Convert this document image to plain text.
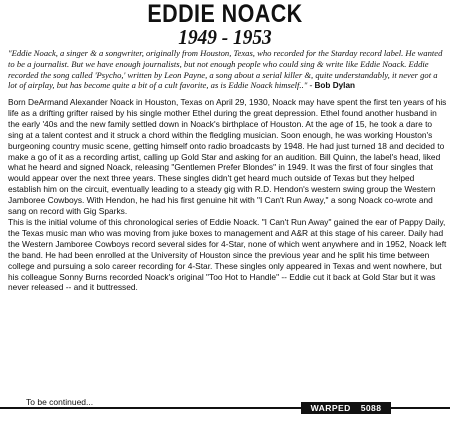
EDDIE NOACK
1949 - 1953

"Eddie Noack, a singer & a songwriter, originally from Houston, Texas, who recorded for the Starday record label. He wanted to be a journalist. But we have enough journalists, but not enough people who could sing & write like Eddie Noack. Eddie recorded the song called 'Psycho,' written by Leon Payne, a song about a serial killer &, quite understandably, it never got a lot of airplay, but has become quite a bit of a cult favorite, as is Eddie Noack himself.." - Bob Dylan

Born DeArmand Alexander Noack in Houston, Texas on April 29, 1930, Noack may have spent the first ten years of his life as a drifting grifter raised by his single mother Ethel during the great depression. Ethel found another husband in the early '40s and the new family settled down in Noack's birthplace of Houston. At the age of 15, he took a dare to sing at a talent contest and it struck a chord within the fledgling musician. Soon enough, he was working Houston's burgeoning country music scene, getting himself onto radio broadcasts by 1948. He had just turned 18 and decided to make a go of it as a recording artist, calling up Gold Star and asking for an audition. Bill Quinn, the label's head, liked what he heard and signed Noack, releasing "Gentlemen Prefer Blondes" in 1949. It was the first of four singles that would appear over the next three years. These singles didn't get heard much outside of Texas but they helped establish him on the circuit, eventually leading to a steady gig with R.D. Hendon's western swing group the Western Jamboree Cowboys. With Hendon, he had his first genuine hit with "I Can't Run Away," a song Noack co-wrote and sang on record with Gig Sparks.

This is the initial volume of this chronological series of Eddie Noack. "I Can't Run Away" gained the ear of Pappy Daily, the Texas music man who was moving from juke boxes to management and A&R at this stage of his career. Daily had the Western Jamboree Cowboys record several sides for 4-Star, none of which went anywhere and in 1952, Noack left the band. He had been enrolled at the University of Houston since the previous year and he split his time between college and pursuing a solo career recording for 4-Star. These singles only appeared in Texas and went nowhere, but his colleague Sonny Burns recorded Noack's original "Too Hot to Handle" -- Eddie cut it back at Gold Star but it was never released -- and it buttressed.

To be continued...
WARPED 5088
